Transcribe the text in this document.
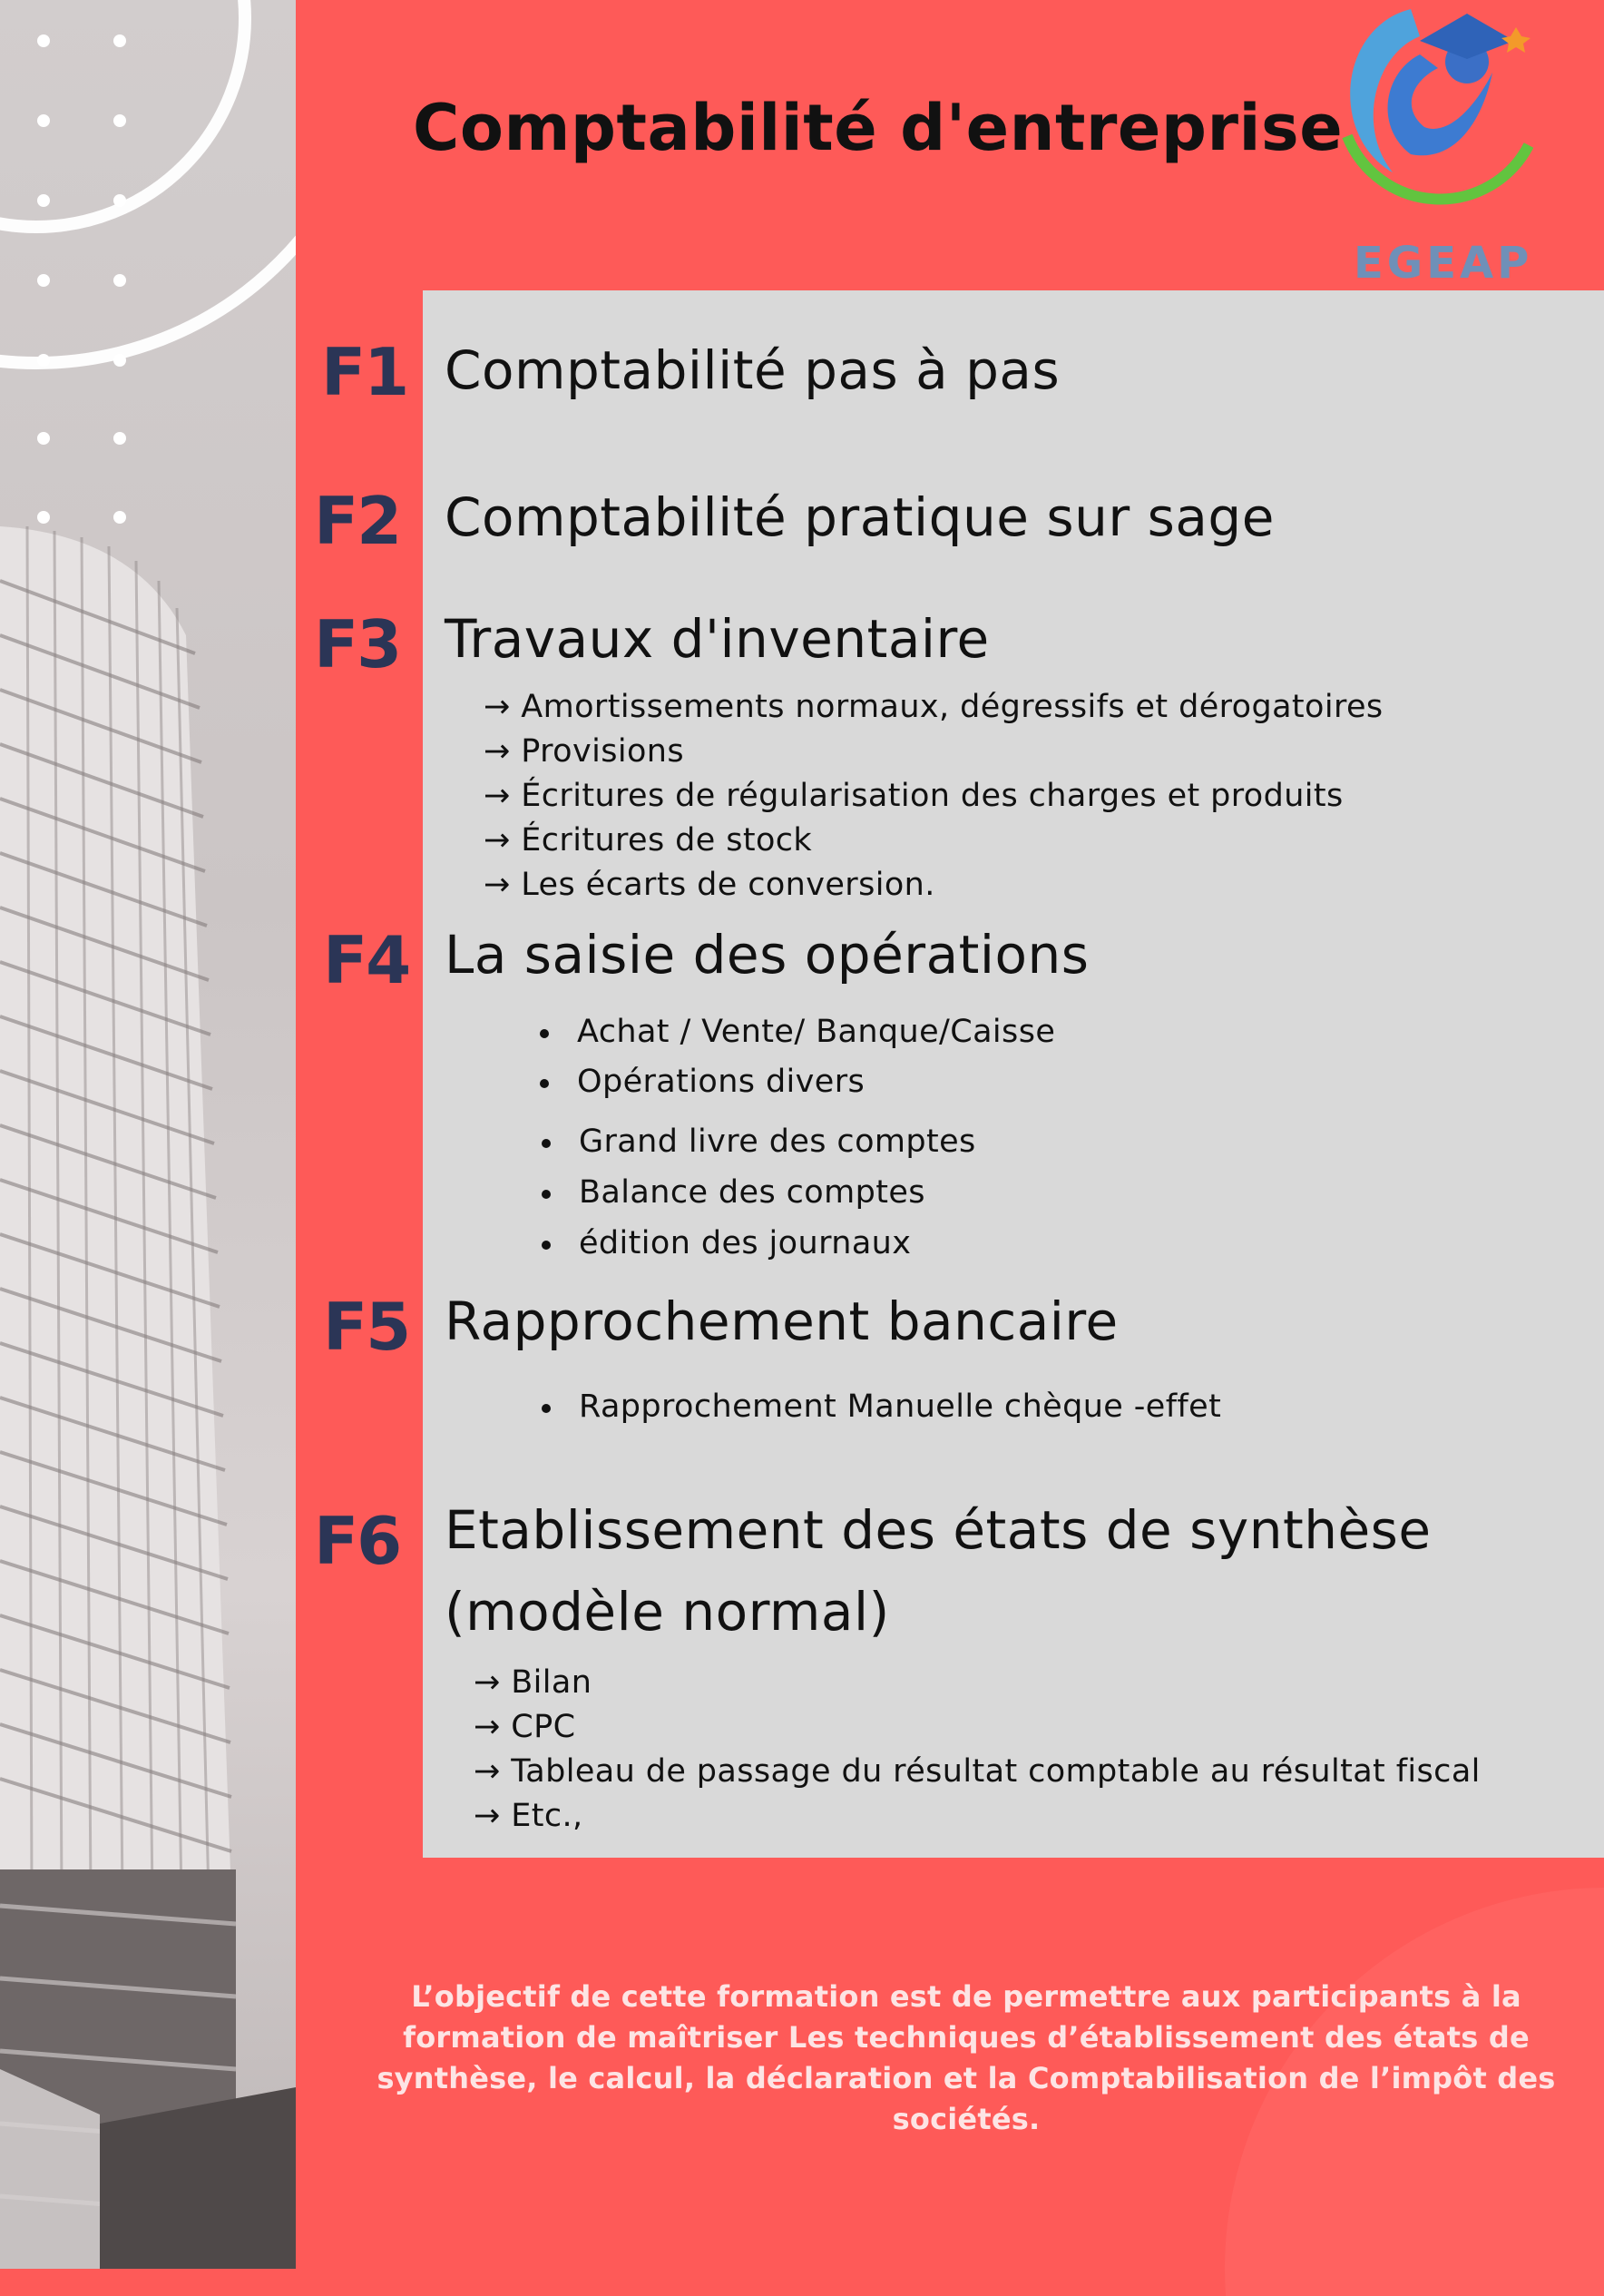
Comptabilité d'entreprise
EGEAP
F1 Comptabilité pas à pas
F2 Comptabilité pratique sur sage
F3 Travaux d'inventaire
→ Amortissements normaux, dégressifs et dérogatoires
→ Provisions
→ Écritures de régularisation des charges et produits
→ Écritures de stock
→ Les écarts de conversion.
F4 La saisie des opérations
Achat / Vente/ Banque/Caisse
Opérations divers
Grand livre des comptes
Balance des comptes
édition des journaux
F5 Rapprochement bancaire
Rapprochement Manuelle chèque -effet
F6 Etablissement des états de synthèse
(modèle normal)
→ Bilan
→ CPC
→ Tableau de passage du résultat comptable au résultat fiscal
→ Etc.,
L’objectif de cette formation est de permettre aux participants à la formation de maîtriser Les techniques d’établissement des états de synthèse, le calcul, la déclaration et la Comptabilisation de l’impôt des sociétés.
